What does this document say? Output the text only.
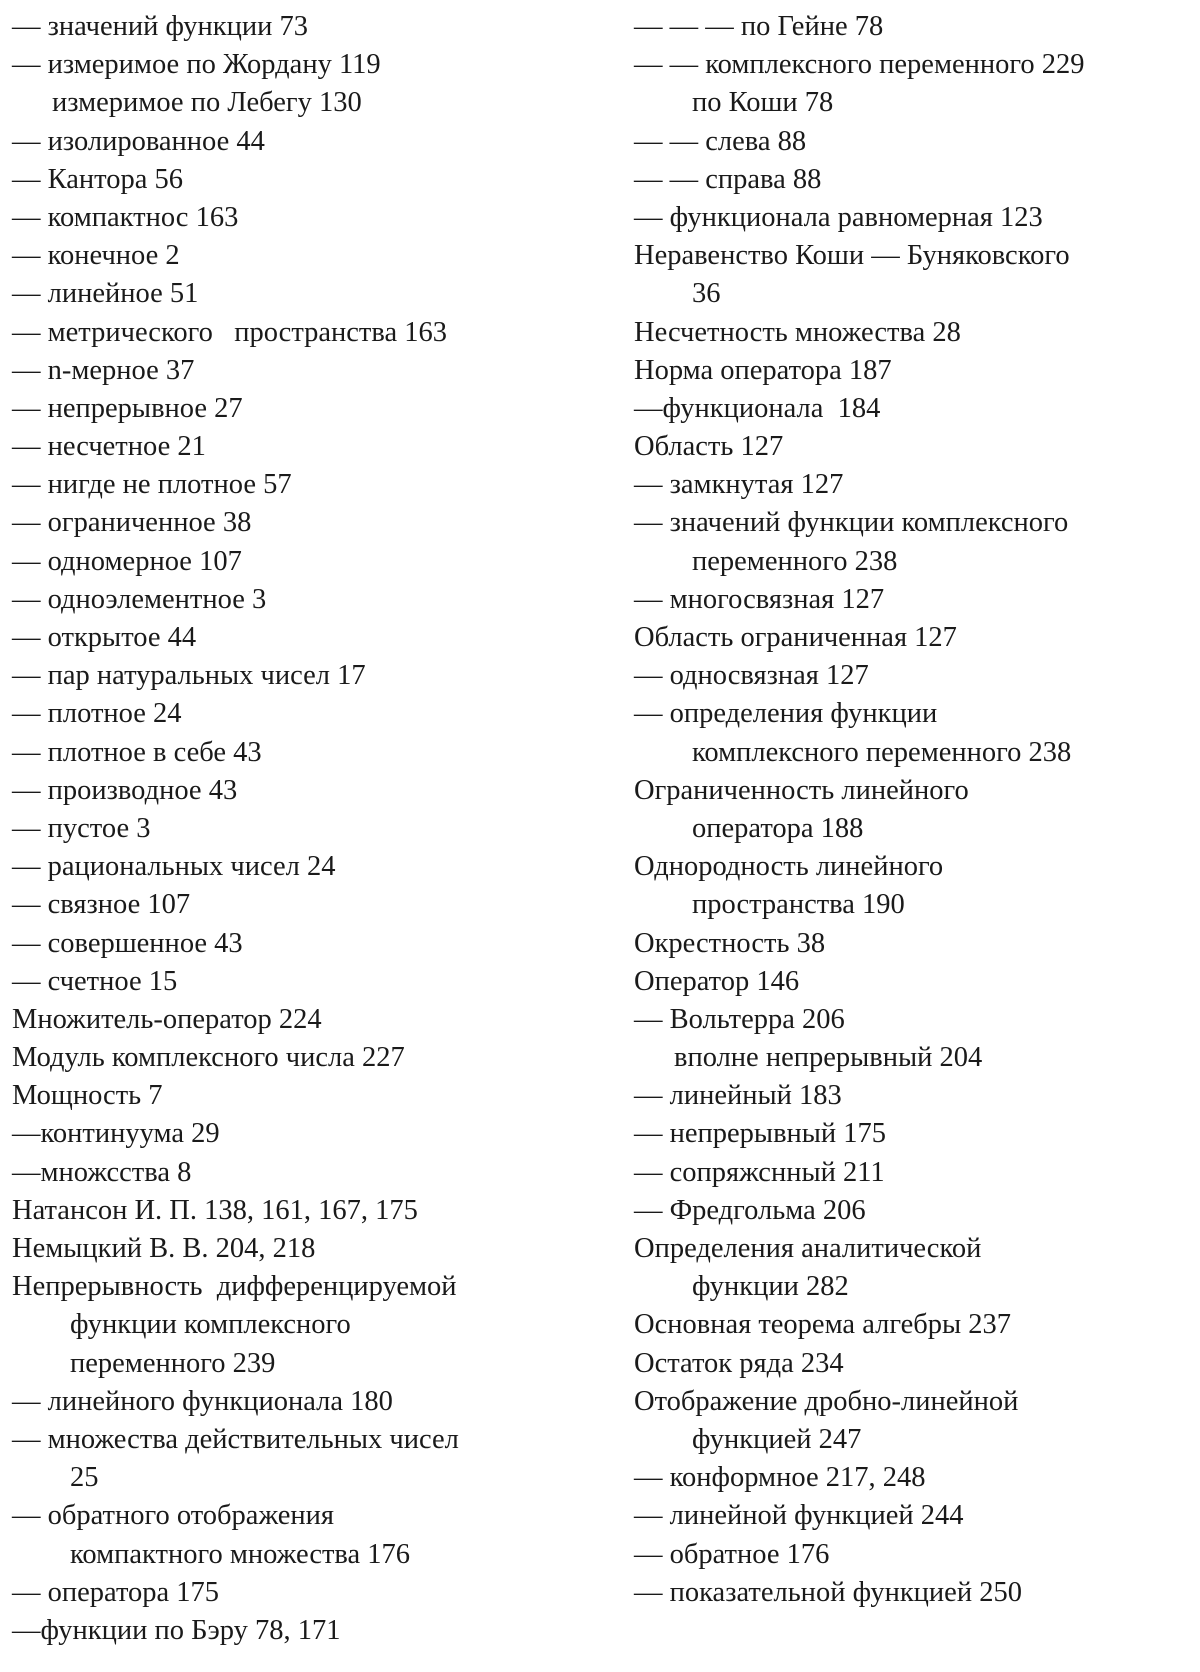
— значений функции 73
— измеримое по Жордану 119
измеримое по Лебегу 130
— изолированное 44
— Кантора 56
— компактнос 163
— конечное 2
— линейное 51
— метрического   пространства 163
— n-мерное 37
— непрерывное 27
— несчетное 21
— нигде не плотное 57
— ограниченное 38
— одномерное 107
— одноэлементное 3
— открытое 44
— пар натуральных чисел 17
— плотное 24
— плотное в себе 43
— производное 43
— пустое 3
— рациональных чисел 24
— связное 107
— совершенное 43
— счетное 15
Множитель-оператор 224
Модуль комплексного числа 227
Мощность 7
—континуума 29
—множсства 8
Натансон И. П. 138, 161, 167, 175
Немыцкий В. В. 204, 218
Непрерывность  дифференцируемой
функции комплексного
переменного 239
— линейного функционала 180
— множества действительных чисел
25
— обратного отображения
компактного множества 176
— оператора 175
—функции по Бэру 78, 171
— — — по Гейне 78
— — комплексного переменного 229
по Коши 78
— — слева 88
— — справа 88
— функционала равномерная 123
Неравенство Коши — Буняковского
36
Несчетность множества 28
Норма оператора 187
—функционала  184
Область 127
— замкнутая 127
— значений функции комплексного
переменного 238
— многосвязная 127
Область ограниченная 127
— односвязная 127
— определения функции
комплексного переменного 238
Ограниченность линейного
оператора 188
Однородность линейного
пространства 190
Окрестность 38
Оператор 146
— Вольтерра 206
вполне непрерывный 204
— линейный 183
— непрерывный 175
— сопряжснный 211
— Фредгольма 206
Определения аналитической
функции 282
Основная теорема алгебры 237
Остаток ряда 234
Отображение дробно-линейной
функцией 247
— конформное 217, 248
— линейной функцией 244
— обратное 176
— показательной функцией 250
